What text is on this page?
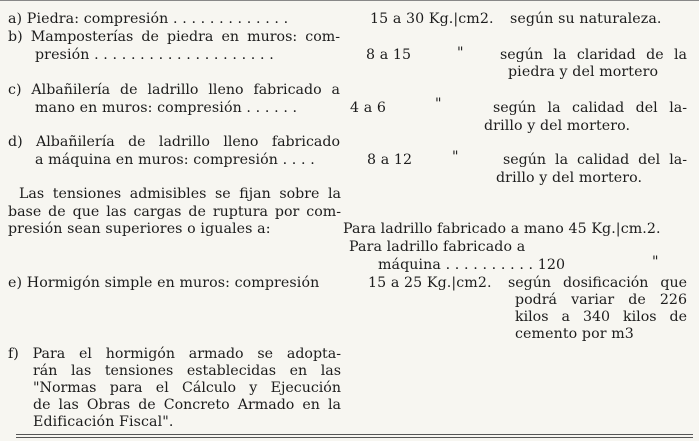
a) Piedra: compresión . . . . . . . . . . . . .	15 a 30 Kg.|cm2. según su naturaleza.
b) Mamposterías de piedra en muros: com-
presión . . . . . . . . . . . . . . . . . . . .	8 a 15	"	según la claridad de la
piedra y del mortero
c) Albañilería de ladrillo lleno fabricado a
mano en muros: compresión . . . . . .	4 a 6	"	según la calidad del la-
drillo y del mortero.
d) Albañilería de ladrillo lleno fabricado
a máquina en muros: compresión . . . .	8 a 12	"	según la calidad del la-
drillo y del mortero.
Las tensiones admisibles se fijan sobre la
base de que las cargas de ruptura por com-
presión sean superiores o iguales a:	Para ladrillo fabricado a mano 45 Kg.|cm.2.
Para ladrillo fabricado a
máquina . . . . . . . . . . 120	"
e) Hormigón simple en muros: compresión	15 a 25 Kg.|cm2. según dosificación que
podrá variar de 226
kilos a 340 kilos de
cemento por m3
f) Para el hormigón armado se adopta-
rán las tensiones establecidas en las
"Normas para el Cálculo y Ejecución
de las Obras de Concreto Armado en la
Edificación Fiscal".
